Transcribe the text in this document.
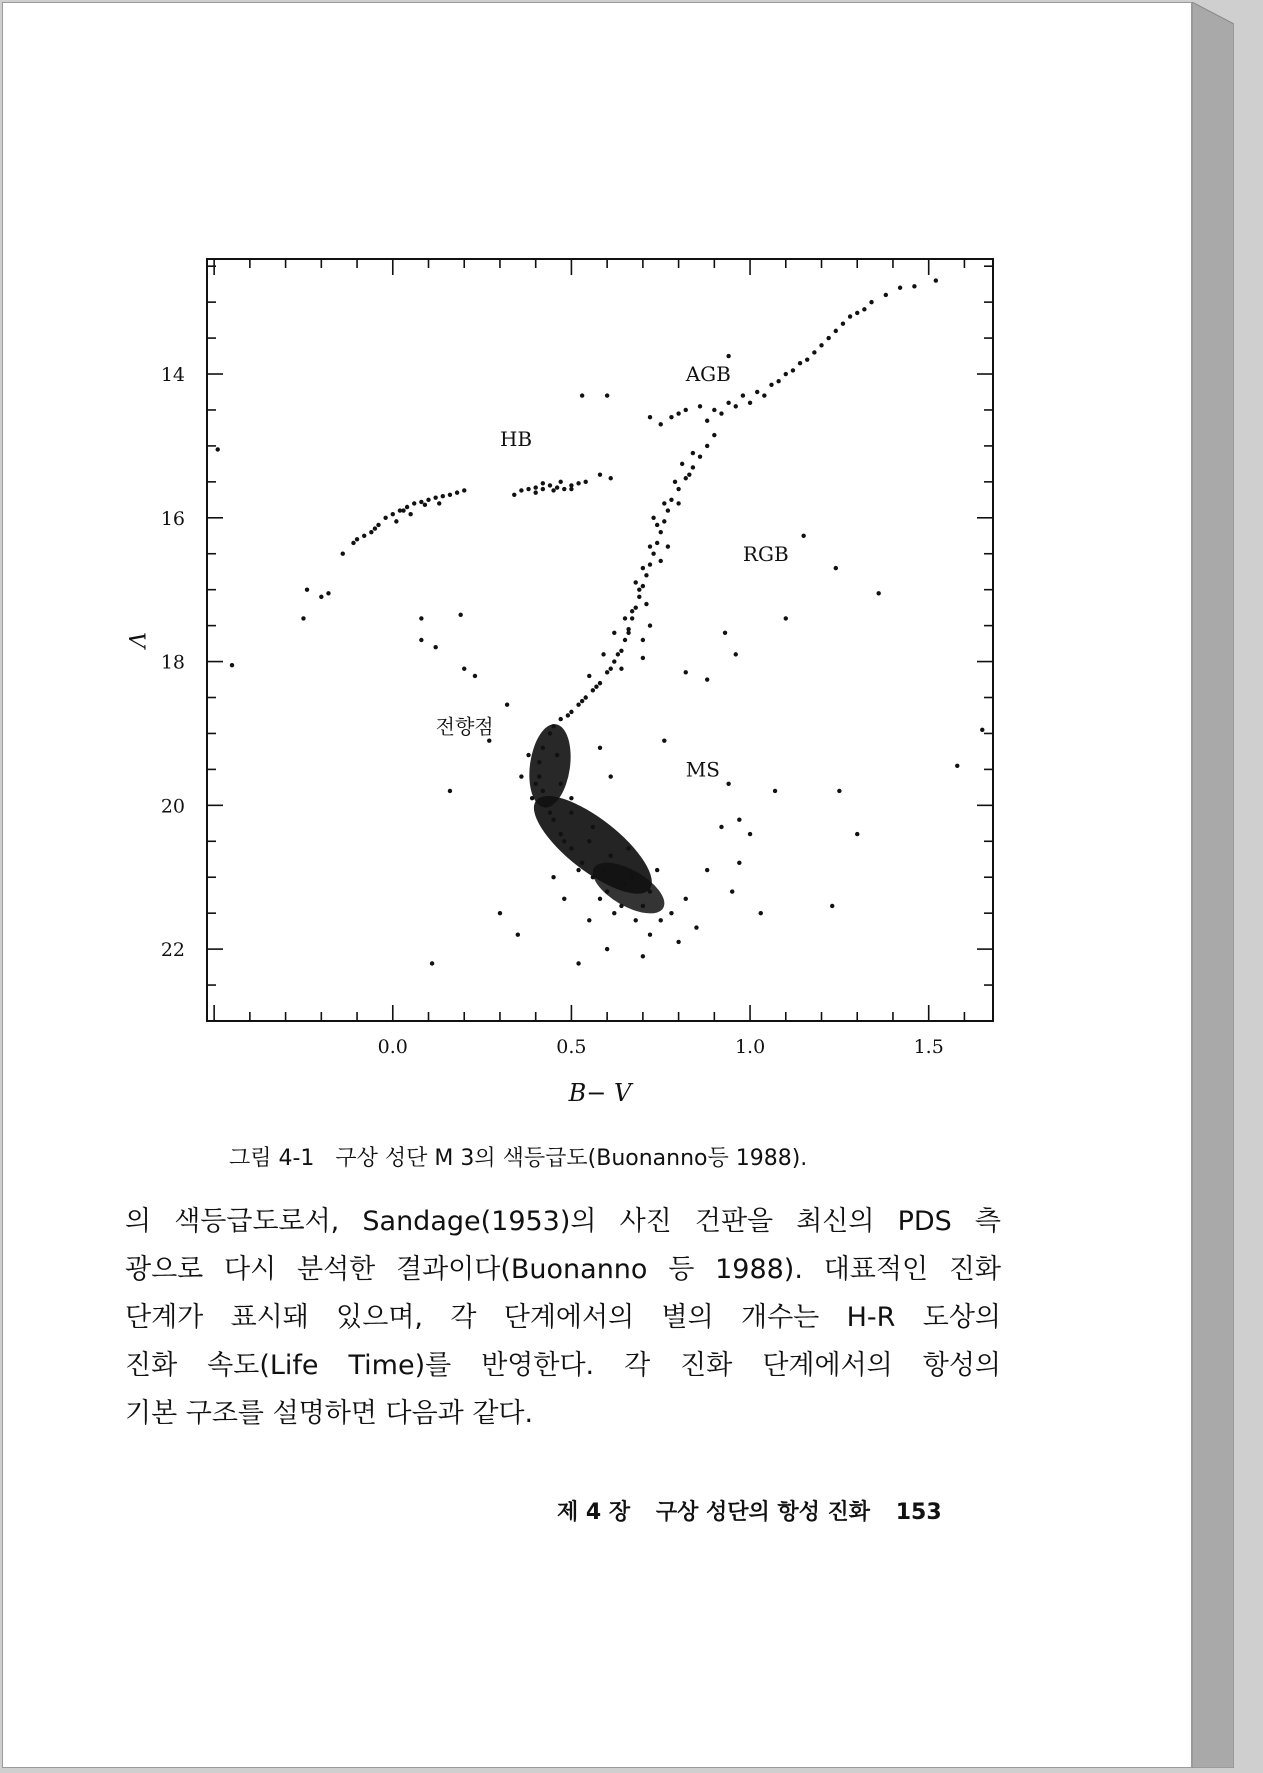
0.0	0.5	1.0	1.5
14
16
18
20
22
B− V
V
AGB
HB
RGB
전향점
MS
그림 4-1 구상 성단 M 3의 색등급도(Buonanno등 1988).

의 색등급도로서, Sandage(1953)의 사진 건판을 최신의 PDS 측

광으로 다시 분석한 결과이다(Buonanno 등 1988). 대표적인 진화

단계가 표시돼 있으며, 각 단계에서의 별의 개수는 H-R 도상의

진화 속도(Life Time)를 반영한다. 각 진화 단계에서의 항성의

기본 구조를 설명하면 다음과 같다.

제 4 장 구상 성단의 항성 진화 153
